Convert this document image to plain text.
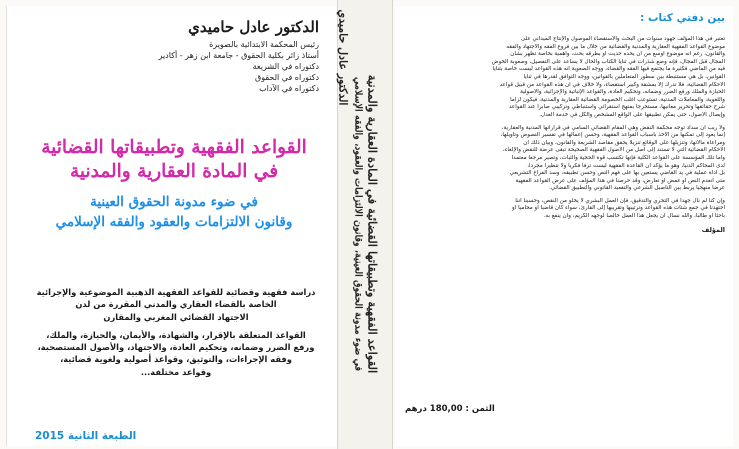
الدكتور عادل حاميدي

رئيس المحكمة الابتدائية بالصويرة

أستاذ زائر بكلية الحقوق - جامعة ابن زهر - أكادير

دكتوراه في الشريعة

دكتوراه في الحقوق

دكتوراه في الآداب

القواعد الفقهية وتطبيقاتها القضائية

في المادة العقارية والمدنية

في ضوء مدونة الحقوق العينية

وقانون الالتزامات والعقود والفقه الإسلامي

دراسة فقهية وقضائية للقواعد الفقهية الذهبية الموضوعية والإجرائية

الخاصة بالقضاء العقاري والمدني المقررة من لدن

الاجتهاد القضائي المغربي والمقارن

القواعد المتعلقة بالإقرار، والشهادة، والأيمان، والحيازة، والملك،

ورفع الضرر وضمانه، وتحكيم العادة، والاجتهاد، والأصول المستصحبة،

وفقه الإجراءات، والتوثيق، وقواعد أصولية ولغوية قضائية،

وقواعد مختلفة...

الطبعة الثانية 2015

القواعد الفقهية وتطبيقاتها القضائية في المادة العقارية والمدنية

في ضوء مدونة الحقوق العينية، وقانون الالتزامات والعقود، والفقه الإسلامي

الدكتور عادل حاميدي	بين دفتي كتاب :

تعتبر في هذا المؤلف جهود سنوات من البحث والاستقصاء الموصول والإنتاج الميداني على

موضوع القواعد الفقهية العقارية والمدنية والقضائية من خلال ما بين فروع الفقه والاجتهاد والفقه

والقانون، رغم أنه موضوع أوسع من أن يحده حديث أو بطرقه بحث، وأهمية بخاصة تظهر بشأن

المجال قبل المجال، فإنه وضع شذرات في ثنايا الكتاب والحال لا يساعد على التفصيل، وصعوبة الخوض

فيه من الماضي فكثيرة ما يجتمع فيها الفقه والقضاء، ووجه الصعوبة أنه هذه القواعد ليست خاصة بثنايا

القوانين، بل هي مستنبطة بين سطور المتعاملين بالقوانين، ووجه التوافق لقدرها في ثنايا

الأحكام القضائية، فلا تدرك إلا بمشقة وكبير استقصاء، ولا خلاف في أن هذه القواعد من قبيل قواعد

الحيازة والملك ورفع الضرر وضمانه، وتحكيم العادة، والقواعد الإثباتية والإجرائية، والأصولية

واللغوية، والمعاملات المدنية، تستوعب أغلب الخصومة القضائية العقارية والمدنية، فيكون لزاما

شرح حقائقها وتحرير معانيها، مستخرجا بمنهج استقرائي واستنباطي وتركيبي صابرا عند القواعد

وإيصال الأصول، حتى يمكن تطبيقها على الواقع المشخص والكل في خدمة العدل.

ولا ريب أن سداد توجه محكمة النقض وهي المقام القضائي السامي في قراراتها المدنية والعقارية،

إنما يعود إلى تمكنها من الأخذ بأسباب القواعد الفقهية، وحسن إعمالها في تفسير النصوص وتأويلها،

ومراعاة مآلاتها، وتنزيلها على الوقائع تنزيلا يحقق مقاصد الشريعة والقانون، وبيان ذلك أن

الأحكام القضائية التي لا تستند إلى أصل من الأصول الفقهية الصحيحة تبقى عرضة للنقض والإلغاء،

وأما تلك المؤسسة على القواعد الكلية فإنها تكتسب قوة الحجية والثبات، وتصير مرجعا معتمدا

لدى المحاكم الدنيا، وهو ما يؤكد أن القاعدة الفقهية ليست ترفا فكريا ولا تنظيرا مجردا،

بل أداة عملية في يد القاضي يستعين بها على فهم النص وحسن تطبيقه، وسد الفراغ التشريعي

متى انعدم النص أو غمض أو تعارض، وقد حرصنا في هذا المؤلف على عرض القواعد الفقهية

عرضا منهجيا يربط بين التأصيل الشرعي والتقعيد القانوني والتطبيق القضائي.

وإن كنا لم نأل جهدا في التحري والتدقيق، فإن العمل البشري لا يخلو من النقص، وحسبنا أننا

اجتهدنا في جمع شتات هذه القواعد وترتيبها وتقريبها إلى القارئ، سواء كان قاضيا أو محاميا أو

باحثا أو طالبا، والله نسأل أن يجعل هذا العمل خالصا لوجهه الكريم، وأن ينفع به.

المؤلف

الثمن : 180,00 درهم
